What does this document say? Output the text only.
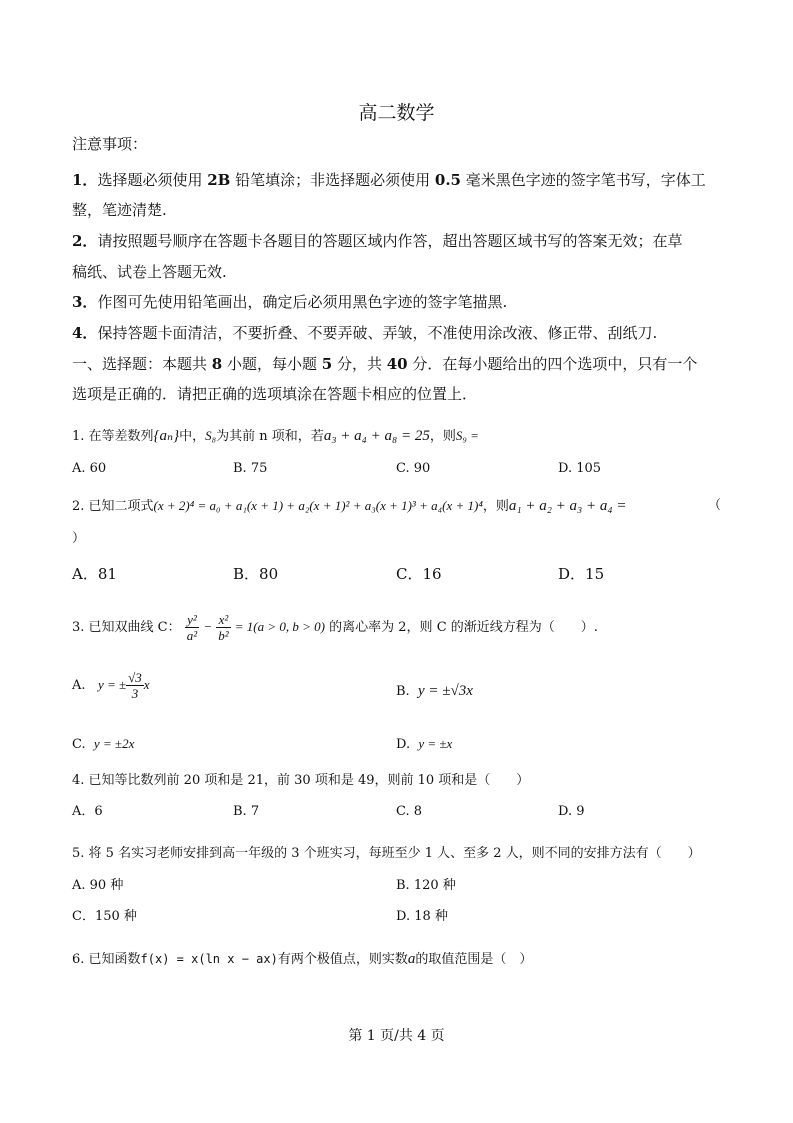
高二数学
注意事项：
1．选择题必须使用 2B 铅笔填涂；非选择题必须使用 0.5 毫米黑色字迹的签字笔书写，字体工
整，笔迹清楚.
2．请按照题号顺序在答题卡各题目的答题区域内作答，超出答题区域书写的答案无效；在草
稿纸、试卷上答题无效.
3．作图可先使用铅笔画出，确定后必须用黑色字迹的签字笔描黑.
4．保持答题卡面清洁，不要折叠、不要弄破、弄皱，不准使用涂改液、修正带、刮纸刀.
一、选择题：本题共 8 小题，每小题 5 分，共 40 分．在每小题给出的四个选项中，只有一个
选项是正确的．请把正确的选项填涂在答题卡相应的位置上．
1. 在等差数列{aₙ}中，S₈为其前 n 项和，若a₃ + a₄ + a₈ = 25，则S₉ =
A. 60	B. 75	C. 90	D. 105
2. 已知二项式(x + 2)⁴ = a₀ + a₁(x + 1) + a₂(x + 1)² + a₃(x + 1)³ + a₄(x + 1)⁴，则a₁ + a₂ + a₃ + a₄ =	（
）
A．81	B．80	C．16	D．15
3. 已知双曲线 C： $\frac{\text{y²}}{\text{a²}} - \frac{\text{x²}}{\text{b²}} = 1(a > 0$, b > 0) 的离心率为 2，则 C 的渐近线方程为（　　）.
A. y = ± $\frac{√3}{3}$ x	B. y = ±√3x
C. y = ±2x	D. y = ±x
4. 已知等比数列前 20 项和是 21，前 30 项和是 49，则前 10 项和是（　　）
A．6	B. 7	C. 8	D. 9
5. 将 5 名实习老师安排到高一年级的 3 个班实习，每班至少 1 人、至多 2 人，则不同的安排方法有（　　）
A. 90 种	B. 120 种
C．150 种	D. 18 种
6. 已知函数f(x) = x(ln x − ax)有两个极值点，则实数a的取值范围是（　）
第 1 页/共 4 页
